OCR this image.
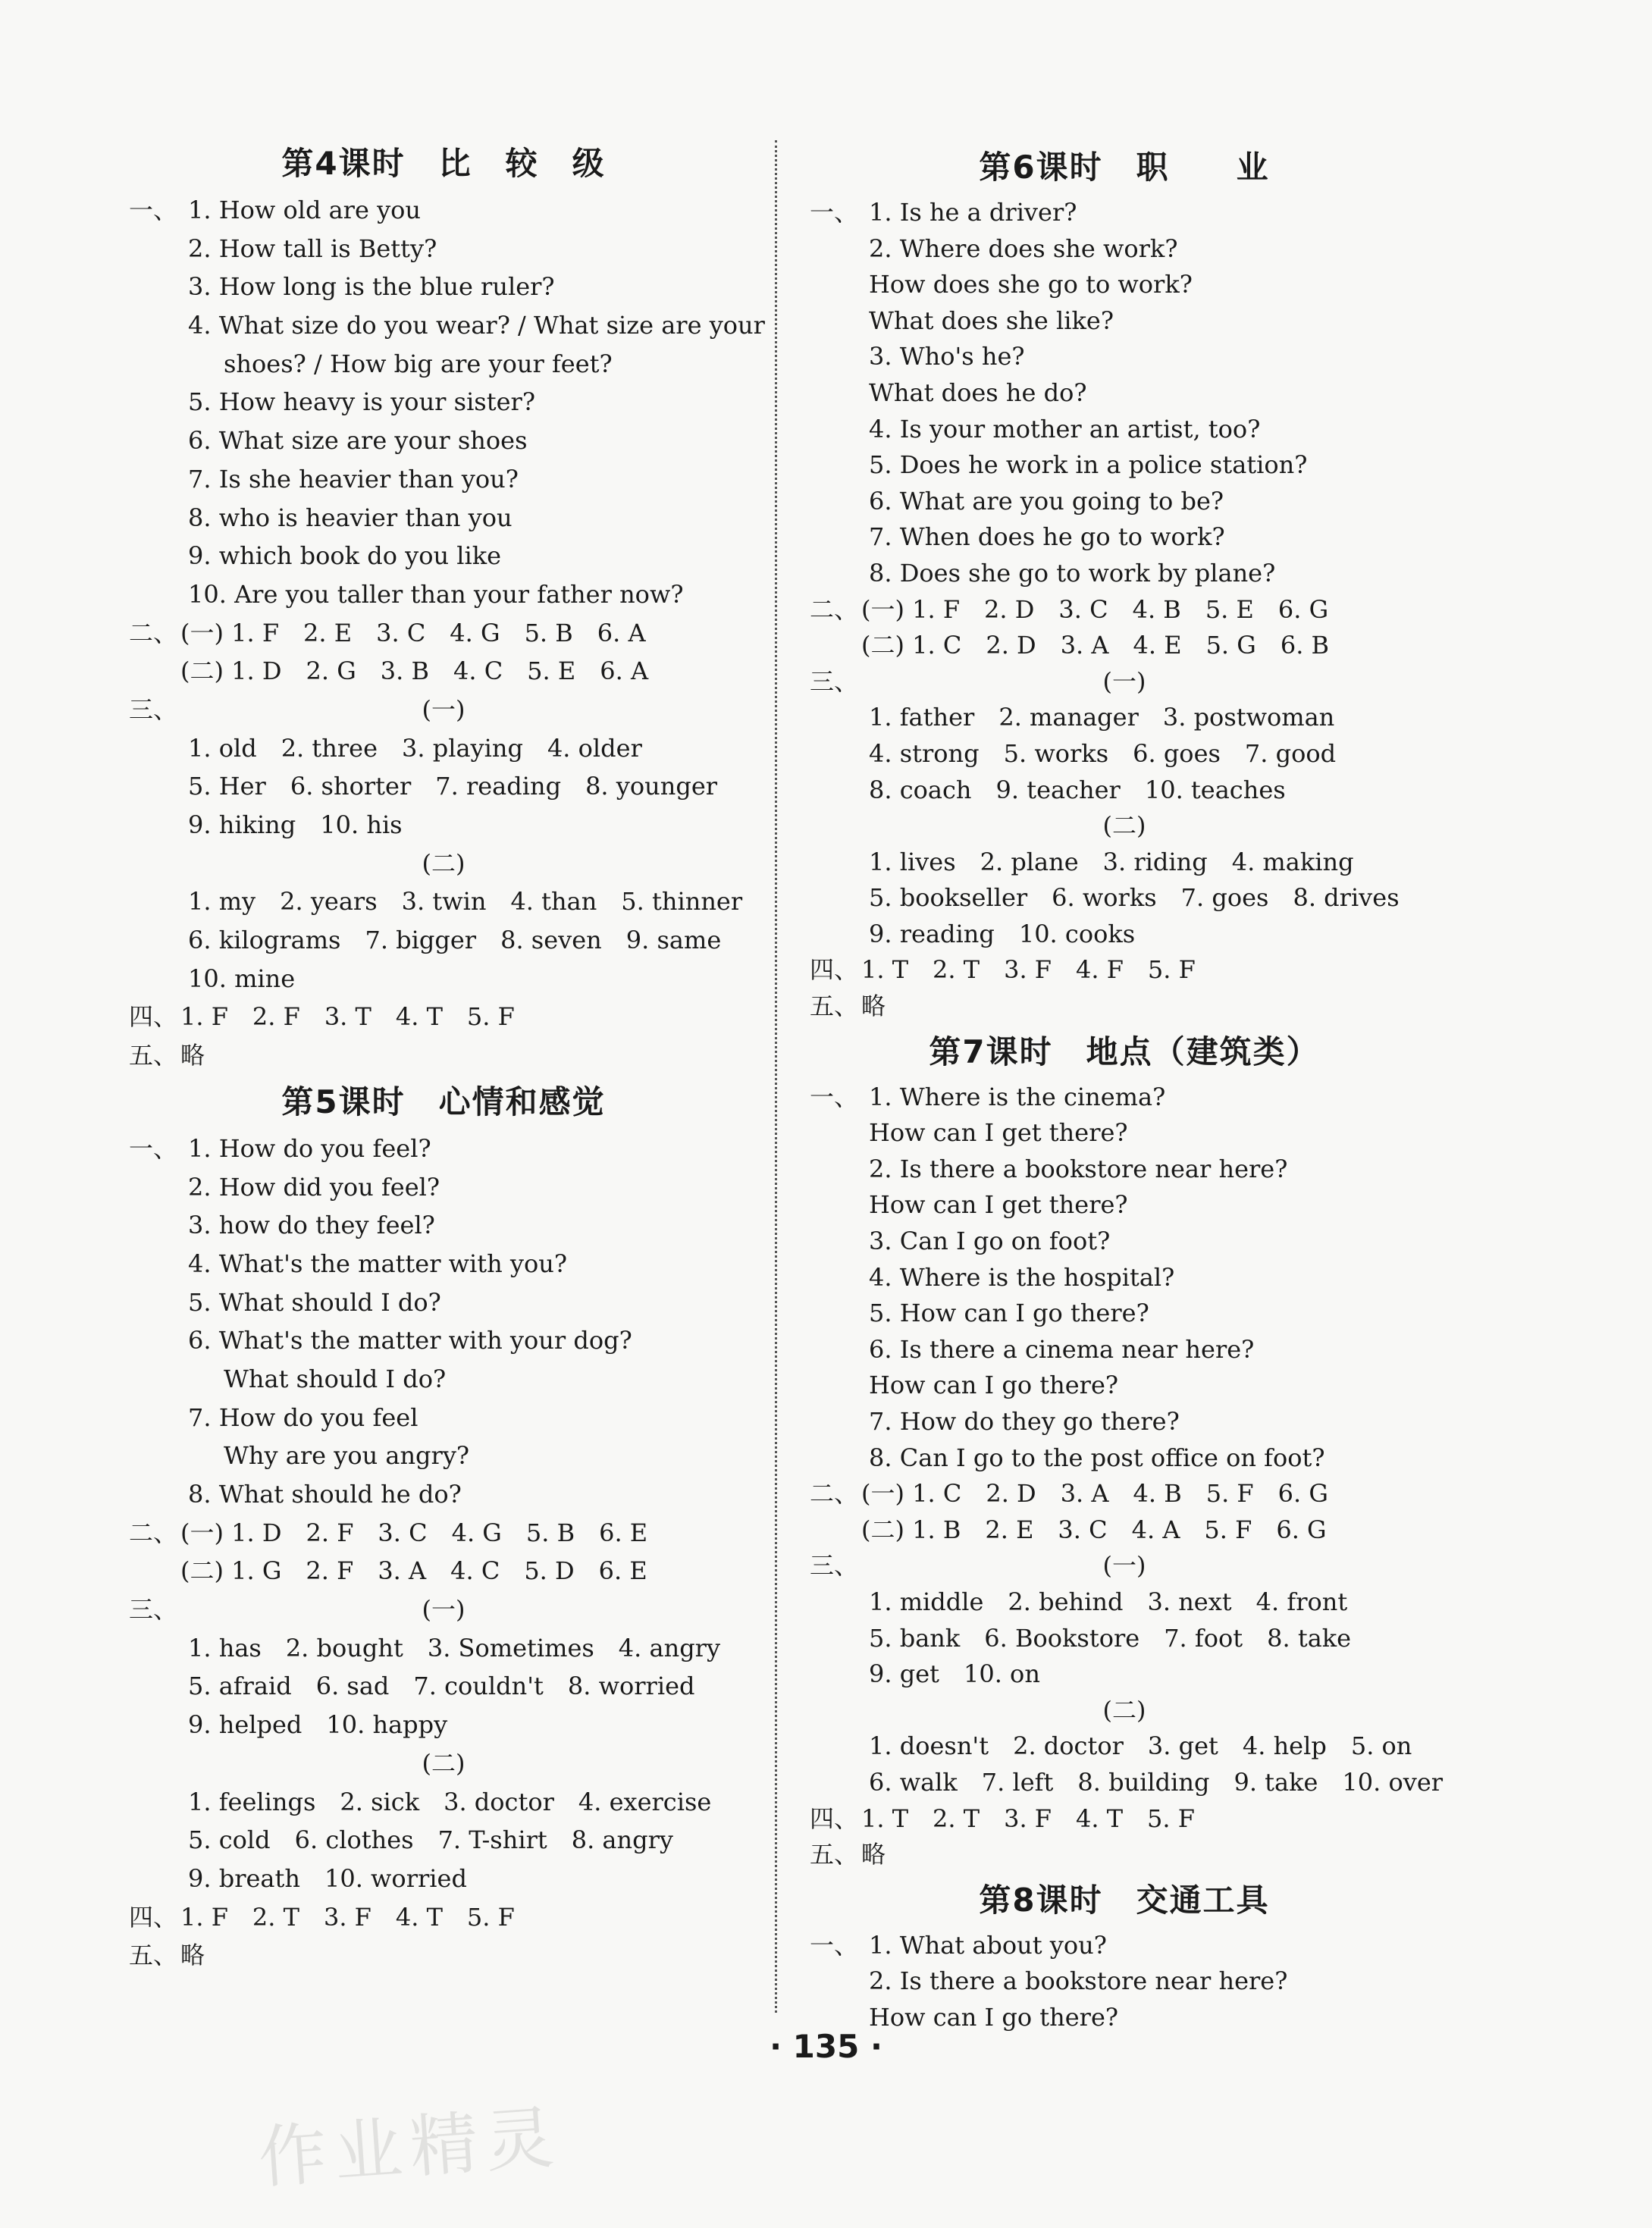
第4课时　比　较　级
一、 1. How old are you
2. How tall is Betty?
3. How long is the blue ruler?
4. What size do you wear? / What size are your
shoes? / How big are your feet?
5. How heavy is your sister?
6. What size are your shoes
7. Is she heavier than you?
8. who is heavier than you
9. which book do you like
10. Are you taller than your father now?
二、 (一) 1. F　2. E　3. C　4. G　5. B　6. A
(二) 1. D　2. G　3. B　4. C　5. E　6. A
三、	(一)
1. old　2. three　3. playing　4. older
5. Her　6. shorter　7. reading　8. younger
9. hiking　10. his
(二)
1. my　2. years　3. twin　4. than　5. thinner
6. kilograms　7. bigger　8. seven　9. same
10. mine
四、 1. F　2. F　3. T　4. T　5. F
五、 略
第5课时　心情和感觉
一、 1. How do you feel?
2. How did you feel?
3. how do they feel?
4. What's the matter with you?
5. What should I do?
6. What's the matter with your dog?
What should I do?
7. How do you feel
Why are you angry?
8. What should he do?
二、 (一) 1. D　2. F　3. C　4. G　5. B　6. E
(二) 1. G　2. F　3. A　4. C　5. D　6. E
三、	(一)
1. has　2. bought　3. Sometimes　4. angry
5. afraid　6. sad　7. couldn't　8. worried
9. helped　10. happy
(二)
1. feelings　2. sick　3. doctor　4. exercise
5. cold　6. clothes　7. T-shirt　8. angry
9. breath　10. worried
四、 1. F　2. T　3. F　4. T　5. F
五、 略
第6课时　职　　业
一、 1. Is he a driver?
2. Where does she work?
How does she go to work?
What does she like?
3. Who's he?
What does he do?
4. Is your mother an artist, too?
5. Does he work in a police station?
6. What are you going to be?
7. When does he go to work?
8. Does she go to work by plane?
二、 (一) 1. F　2. D　3. C　4. B　5. E　6. G
(二) 1. C　2. D　3. A　4. E　5. G　6. B
三、	(一)
1. father　2. manager　3. postwoman
4. strong　5. works　6. goes　7. good
8. coach　9. teacher　10. teaches
(二)
1. lives　2. plane　3. riding　4. making
5. bookseller　6. works　7. goes　8. drives
9. reading　10. cooks
四、 1. T　2. T　3. F　4. F　5. F
五、 略
第7课时　地点（建筑类）
一、 1. Where is the cinema?
How can I get there?
2. Is there a bookstore near here?
How can I get there?
3. Can I go on foot?
4. Where is the hospital?
5. How can I go there?
6. Is there a cinema near here?
How can I go there?
7. How do they go there?
8. Can I go to the post office on foot?
二、 (一) 1. C　2. D　3. A　4. B　5. F　6. G
(二) 1. B　2. E　3. C　4. A　5. F　6. G
三、	(一)
1. middle　2. behind　3. next　4. front
5. bank　6. Bookstore　7. foot　8. take
9. get　10. on
(二)
1. doesn't　2. doctor　3. get　4. help　5. on
6. walk　7. left　8. building　9. take　10. over
四、 1. T　2. T　3. F　4. T　5. F
五、 略
第8课时　交通工具
一、 1. What about you?
2. Is there a bookstore near here?
How can I go there?
· 135 ·
作业精灵
